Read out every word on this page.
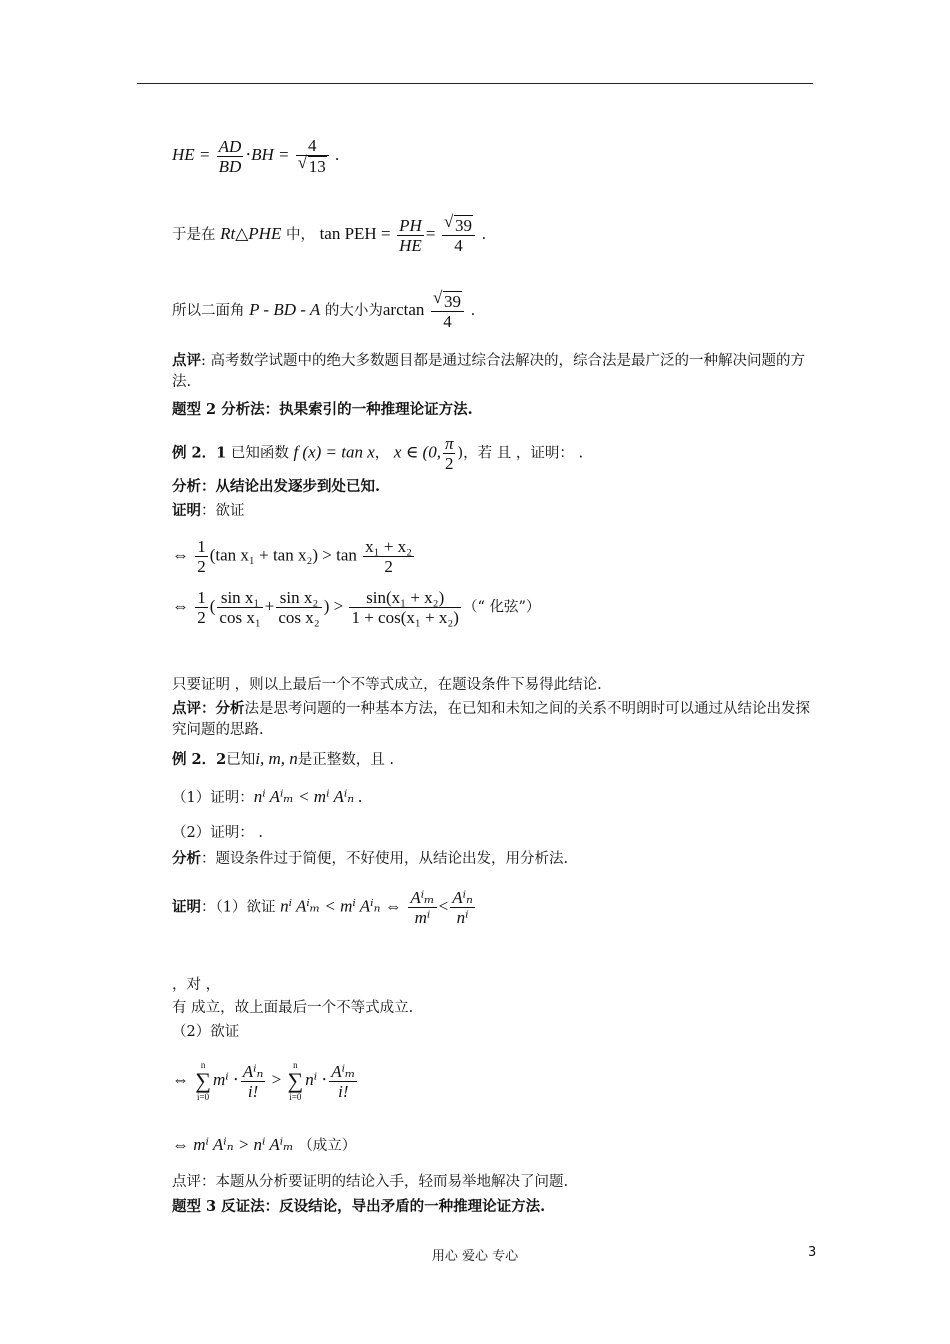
HE = $\frac{AD}{BD} \cdot BH = 4$
√ 13 .
于是在 Rt△PHE 中， tan PEH = $\frac{PH}{HE}$ = √ $\frac{39}{4}$ .
所以二面角 P - BD - A 的大小为arctan √ $\frac{39}{4}$ .
点评: 高考数学试题中的绝大多数题目都是通过综合法解决的，综合法是最广泛的一种解决问题的方法.
题型 2 分析法：执果索引的一种推理论证方法.
例 2．1 已知函数 f (x) = tan x， x ∈ (0, $\frac{\pi}{2}$ )，若 且 ，证明： .
分析：从结论出发逐步到处已知.
证明：欲证
⇔ $\frac{1}{2} (\tan$ $x_1 + \tan x_2) > \tan \frac{\text{x₁ + x₂}}{2}$
⇔ $\frac{1}{2}$ ( $\frac{\text{sin x₁}}{\text{cos x₁}} + \frac{\text{sin x₂}}{\text{cos x₂}}$ ) > $\frac{\text{sin(x₁ + x₂)}}{\text{1 + cos(x₁ + x₂)}}$ （“ 化弦”）
只要证明 ，则以上最后一个不等式成立，在题设条件下易得此结论.
点评：分析法是思考问题的一种基本方法，在已知和未知之间的关系不明朗时可以通过从结论出发探究问题的思路.
例 2．2已知i, m, n是正整数，且 .
（1）证明：nⁱ Aⁱₘ < mⁱ Aⁱₙ .
（2）证明： .
分析：题设条件过于简便，不好使用，从结论出发，用分析法.
证明：（1）欲证 nⁱ Aⁱₘ < mⁱ Aⁱₙ ⇔ $\frac{\text{Aⁱₘ}}{\text{mⁱ}} < \frac{\text{Aⁱₙ}}{\text{nⁱ}}$
，对 ，
有 成立，故上面最后一个不等式成立.
（2）欲证
⇔ n
∑
$i=0m^i \cdot \frac{\text{Aⁱₙ}}{i!} > n$
∑
$i=0n^i \cdot \frac{\text{Aⁱₘ}}{i!}$
⇔ mⁱ Aⁱₙ > nⁱ Aⁱₘ （成立）
点评：本题从分析要证明的结论入手，轻而易举地解决了问题.
题型 3 反证法：反设结论，导出矛盾的一种推理论证方法.
用心 爱心 专心	3
